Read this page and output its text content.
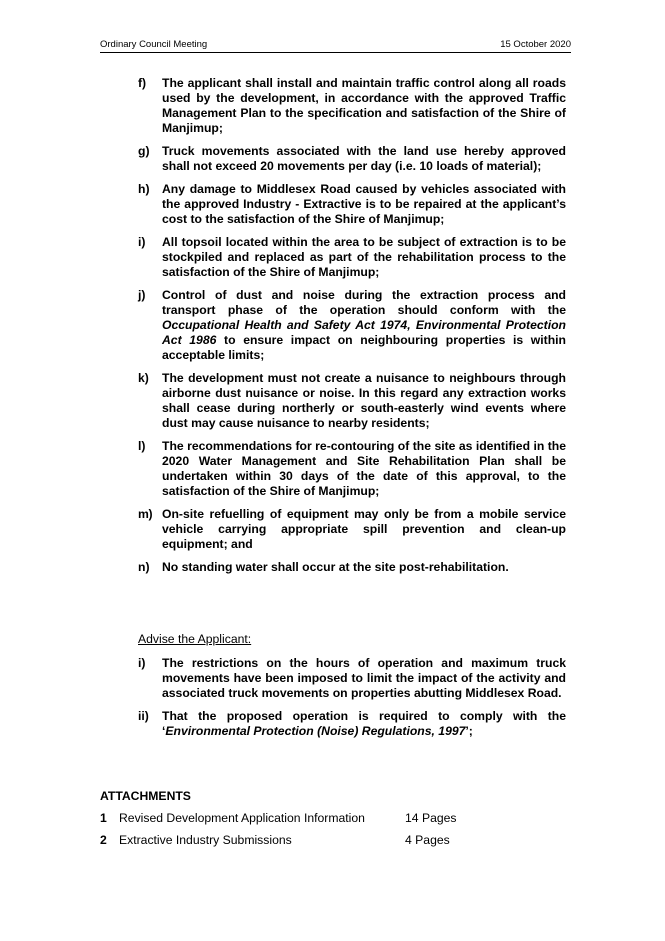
Ordinary Council Meeting	15 October 2020
f) The applicant shall install and maintain traffic control along all roads used by the development, in accordance with the approved Traffic Management Plan to the specification and satisfaction of the Shire of Manjimup;
g) Truck movements associated with the land use hereby approved shall not exceed 20 movements per day (i.e. 10 loads of material);
h) Any damage to Middlesex Road caused by vehicles associated with the approved Industry - Extractive is to be repaired at the applicant’s cost to the satisfaction of the Shire of Manjimup;
i) All topsoil located within the area to be subject of extraction is to be stockpiled and replaced as part of the rehabilitation process to the satisfaction of the Shire of Manjimup;
j) Control of dust and noise during the extraction process and transport phase of the operation should conform with the Occupational Health and Safety Act 1974, Environmental Protection Act 1986 to ensure impact on neighbouring properties is within acceptable limits;
k) The development must not create a nuisance to neighbours through airborne dust nuisance or noise. In this regard any extraction works shall cease during northerly or south-easterly wind events where dust may cause nuisance to nearby residents;
l) The recommendations for re-contouring of the site as identified in the 2020 Water Management and Site Rehabilitation Plan shall be undertaken within 30 days of the date of this approval, to the satisfaction of the Shire of Manjimup;
m) On-site refuelling of equipment may only be from a mobile service vehicle carrying appropriate spill prevention and clean-up equipment; and
n) No standing water shall occur at the site post-rehabilitation.
Advise the Applicant:
i) The restrictions on the hours of operation and maximum truck movements have been imposed to limit the impact of the activity and associated truck movements on properties abutting Middlesex Road.
ii) That the proposed operation is required to comply with the ‘Environmental Protection (Noise) Regulations, 1997’;
ATTACHMENTS
1 Revised Development Application Information	14 Pages
2 Extractive Industry Submissions	4 Pages
